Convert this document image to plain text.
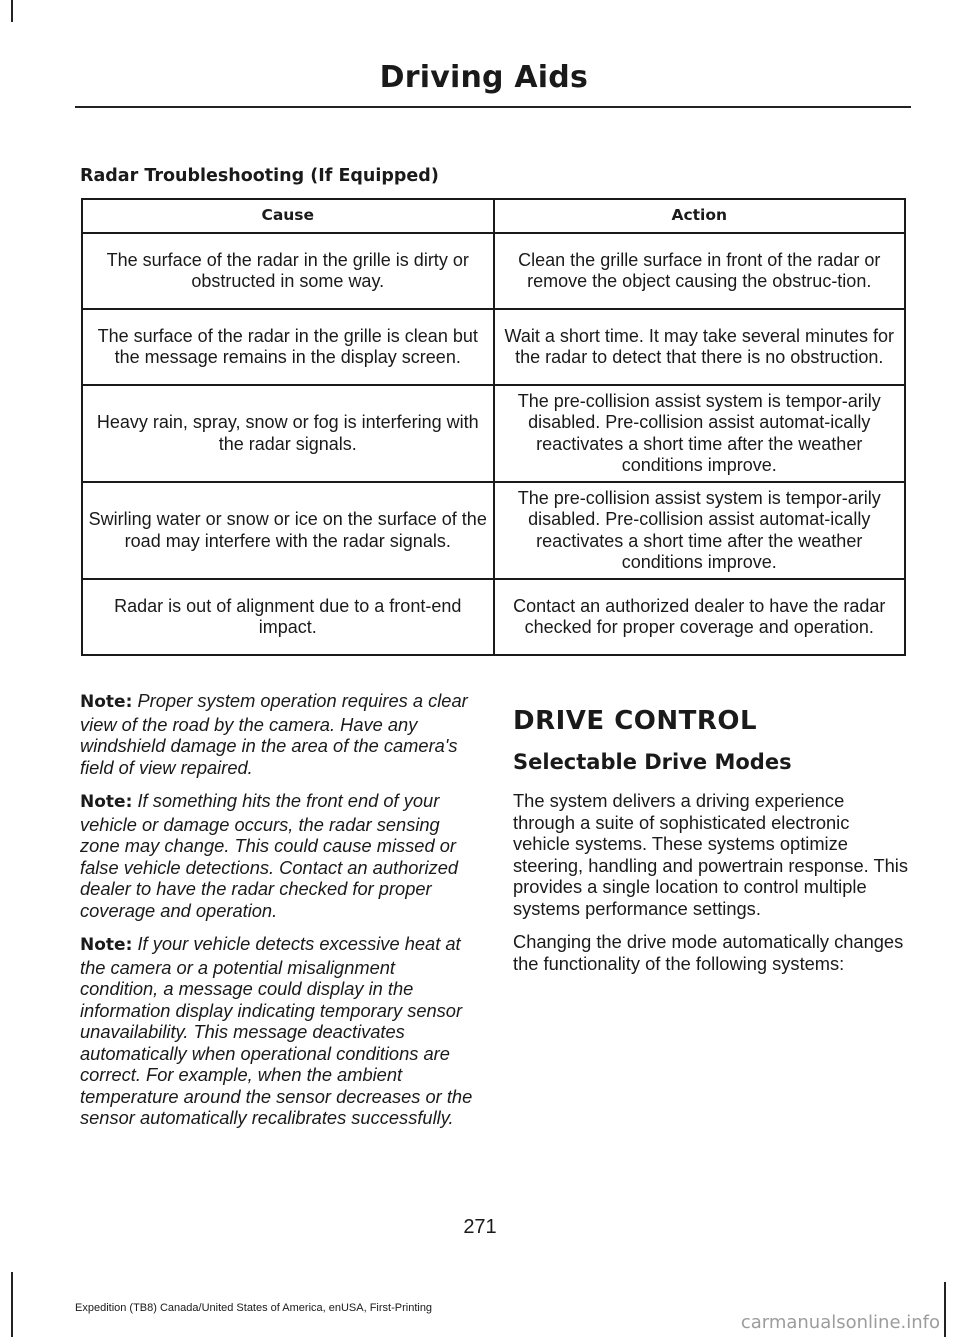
Driving Aids
Radar Troubleshooting (If Equipped)
Cause	Action
The surface of the radar in the grille is dirty or obstructed in some way.	Clean the grille surface in front of the radar or remove the object causing the obstruc-tion.
The surface of the radar in the grille is clean but the message remains in the display screen.	Wait a short time. It may take several minutes for the radar to detect that there is no obstruction.
Heavy rain, spray, snow or fog is interfering with the radar signals.	The pre-collision assist system is tempor-arily disabled. Pre-collision assist automat-ically reactivates a short time after the weather conditions improve.
Swirling water or snow or ice on the surface of the road may interfere with the radar signals.	The pre-collision assist system is tempor-arily disabled. Pre-collision assist automat-ically reactivates a short time after the weather conditions improve.
Radar is out of alignment due to a front-end impact.	Contact an authorized dealer to have the radar checked for proper coverage and operation.

Note: Proper system operation requires a clear view of the road by the camera. Have any windshield damage in the area of the camera's field of view repaired.

Note: If something hits the front end of your vehicle or damage occurs, the radar sensing zone may change. This could cause missed or false vehicle detections. Contact an authorized dealer to have the radar checked for proper coverage and operation.

Note: If your vehicle detects excessive heat at the camera or a potential misalignment condition, a message could display in the information display indicating temporary sensor unavailability. This message deactivates automatically when operational conditions are correct. For example, when the ambient temperature around the sensor decreases or the sensor automatically recalibrates successfully.

DRIVE CONTROL
Selectable Drive Modes

The system delivers a driving experience through a suite of sophisticated electronic vehicle systems. These systems optimize steering, handling and powertrain response. This provides a single location to control multiple systems performance settings.

Changing the drive mode automatically changes the functionality of the following systems:

271
Expedition (TB8) Canada/United States of America, enUSA, First-Printing
carmanualsonline.info
